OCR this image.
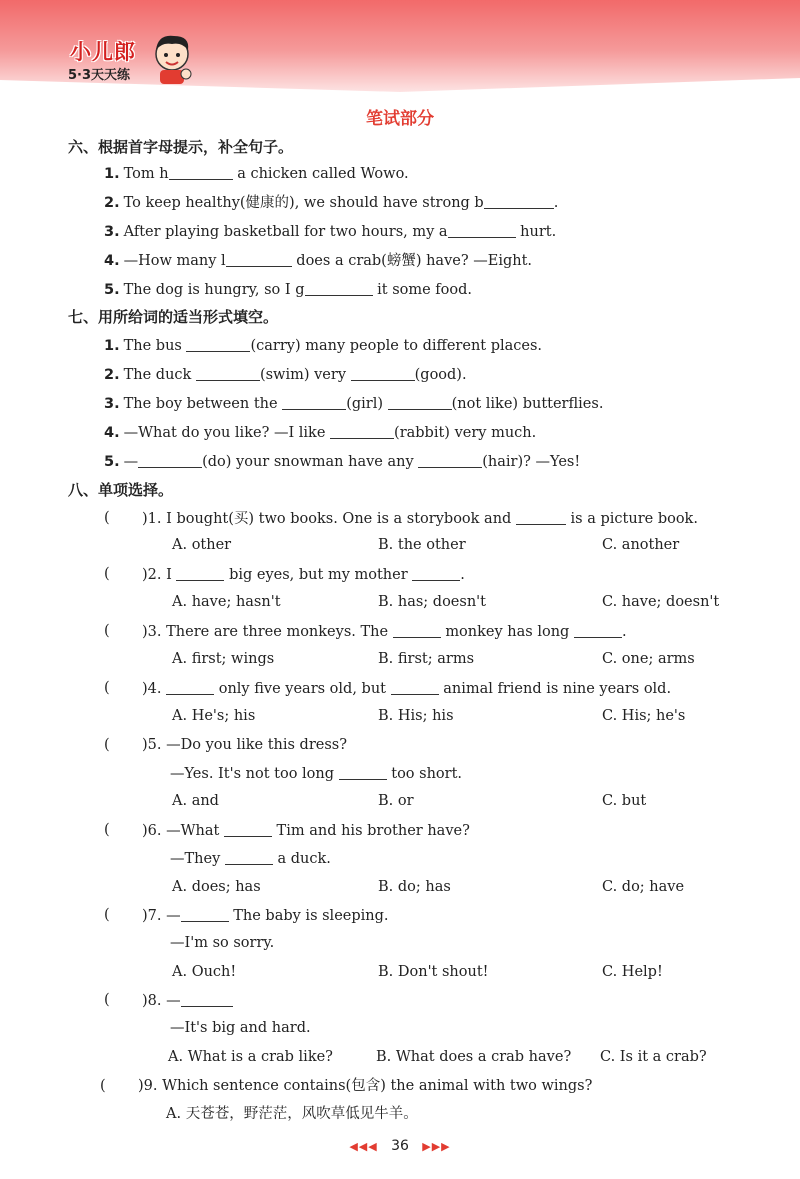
小儿郎
5·3天天练
笔试部分
六、根据首字母提示，补全句子。
1. Tom h	a chicken called Wowo.
2. To keep healthy(健康的), we should have strong b	.
3. After playing basketball for two hours, my a	hurt.
4. —How many l	does a crab(螃蟹) have? —Eight.
5. The dog is hungry, so I g	it some food.
七、用所给词的适当形式填空。
1. The bus	(carry) many people to different places.
2. The duck	(swim) very	(good).
3. The boy between the	(girl)	(not like) butterflies.
4. —What do you like? —I like	(rabbit) very much.
5. —	(do) your snowman have any	(hair)? —Yes!
八、单项选择。
( )1. I bought(买) two books. One is a storybook and	is a picture book.
A. other	B. the other	C. another
( )2. I	big eyes, but my mother	.
A. have; hasn't	B. has; doesn't	C. have; doesn't
( )3. There are three monkeys. The	monkey has long	.
A. first; wings	B. first; arms	C. one; arms
( )4.	only five years old, but	animal friend is nine years old.
A. He's; his	B. His; his	C. His; he's
( )5. —Do you like this dress?
—Yes. It's not too long	too short.
A. and	B. or	C. but
( )6. —What	Tim and his brother have?
—They	a duck.
A. does; has	B. do; has	C. do; have
( )7. —	The baby is sleeping.
—I'm so sorry.
A. Ouch!	B. Don't shout!	C. Help!
( )8. —
—It's big and hard.
A. What is a crab like?	B. What does a crab have? C. Is it a crab?
( )9. Which sentence contains(包含) the animal with two wings?
A. 天苍苍，野茫茫，风吹草低见牛羊。
◀◀◀ 36 ▶▶▶
